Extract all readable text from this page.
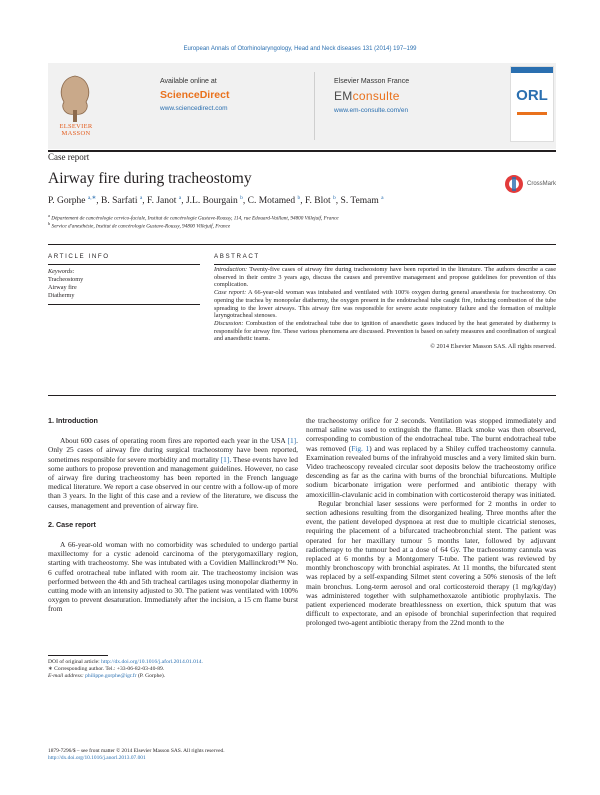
European Annals of Otorhinolaryngology, Head and Neck diseases 131 (2014) 197–199
ELSEVIER MASSON
Available online at
ScienceDirect
www.sciencedirect.com
Elsevier Masson France
EMconsulte
www.em-consulte.com/en
ORL
Case report
Airway fire during tracheostomy	CrossMark
P. Gorphe $^{a,∗}$, B. Sarfati $^a$, F. Janot $^a$, J.L. Bourgain $^b$, C. Motamed $^b$, F. Blot $^b$, S. Temam $^a$
$^a$ Département de cancérologie cervico-faciale, Institut de cancérologie Gustave-Roussy, 114, rue Edouard-Vaillant, 94800 Villejuif, France
$^b$ Service d'anesthésie, Institut de cancérologie Gustave-Roussy, 94800 Villejuif, France
ARTICLE INFO
Keywords:
Tracheostomy
Airway fire
Diathermy
ABSTRACT

Introduction: Twenty-five cases of airway fire during tracheostomy have been reported in the literature. The authors describe a case observed in their centre 3 years ago, discuss the causes and preventive management and propose guidelines for prevention of this complication.

Case report: A 66-year-old woman was intubated and ventilated with 100% oxygen during general anaesthesia for tracheostomy. On opening the trachea by monopolar diathermy, the oxygen present in the endotracheal tube caught fire, inducing combustion of the tube spreading to the lower airways. This airway fire was responsible for severe acute respiratory failure and the formation of multiple laryngotracheal stenoses.

Discussion: Combustion of the endotracheal tube due to ignition of anaesthetic gases induced by the heat generated by diathermy is responsible for airway fire. These various phenomena are discussed. Prevention is based on safety measures and coordination of surgical and anaesthetic teams.

© 2014 Elsevier Masson SAS. All rights reserved.

1. Introduction

About 600 cases of operating room fires are reported each year in the USA [1]. Only 25 cases of airway fire during surgical tracheostomy have been reported, sometimes responsible for severe morbidity and mortality [1]. These events have led some authors to propose prevention and management guidelines. However, no case of airway fire during tracheostomy has been reported in the French language medical literature. We report a case observed in our centre with a follow-up of more than 3 years. In the light of this case and a review of the literature, we discuss the causes, management and prevention of airway fire.

2. Case report

A 66-year-old woman with no comorbidity was scheduled to undergo partial maxillectomy for a cystic adenoid carcinoma of the pterygomaxillary region, starting with tracheostomy. She was intubated with a Covidien Mallinckrodt™ No. 6 cuffed orotracheal tube inflated with room air. The tracheostomy incision was performed between the 4th and 5th tracheal cartilages using monopolar diathermy in cutting mode with an intensity adjusted to 30. The patient was ventilated with 100% oxygen to prevent desaturation. Immediately after the incision, a 15 cm flame burst from

DOI of original article: http://dx.doi.org/10.1016/j.aforl.2014.01.014.
∗ Corresponding author. Tel.: +33-06-82-03-40-89.
E-mail address: philippe.gorphe@igr.fr (P. Gorphe).

the tracheostomy orifice for 2 seconds. Ventilation was stopped immediately and normal saline was used to extinguish the flame. Black smoke was then observed, corresponding to combustion of the endotracheal tube. The burnt endotracheal tube was removed (Fig. 1) and was replaced by a Shiley cuffed tracheostomy cannula. Examination revealed burns of the infrahyoid muscles and a very limited skin burn. Video tracheoscopy revealed circular soot deposits below the tracheostomy orifice descending as far as the carina with burns of the bronchial bifurcations. Multiple sodium bicarbonate irrigation were performed and antibiotic therapy with amoxicillin-clavulanic acid in combination with corticosteroid therapy was initiated.

Regular bronchial laser sessions were performed for 2 months in order to section adhesions resulting from the disorganized healing. Three months after the event, the patient developed dyspnoea at rest due to multiple cicatricial stenoses, requiring the placement of a bifurcated tracheobronchial stent. The patient was operated for her maxillary tumour 5 months later, followed by adjuvant radiotherapy to the tumour bed at a dose of 64 Gy. The tracheostomy cannula was replaced at 6 months by a Montgomery T-tube. The patient was reviewed by monthly bronchoscopy with bronchial aspirates. At 11 months, the bifurcated stent was replaced by a self-expanding Silmet stent covering a 50% stenosis of the left main bronchus. Long-term aerosol and oral corticosteroid therapy (1 mg/kg/day) was administered together with sulphamethoxazole antibiotic prophylaxis. The patient experienced moderate breathlessness on exertion, thick sputum that was difficult to expectorate, and an episode of bronchial superinfection that required prolonged two-agent antibiotic therapy from the 22nd month to the

1879-7296/$ – see front matter © 2014 Elsevier Masson SAS. All rights reserved.
http://dx.doi.org/10.1016/j.anorl.2013.07.001
